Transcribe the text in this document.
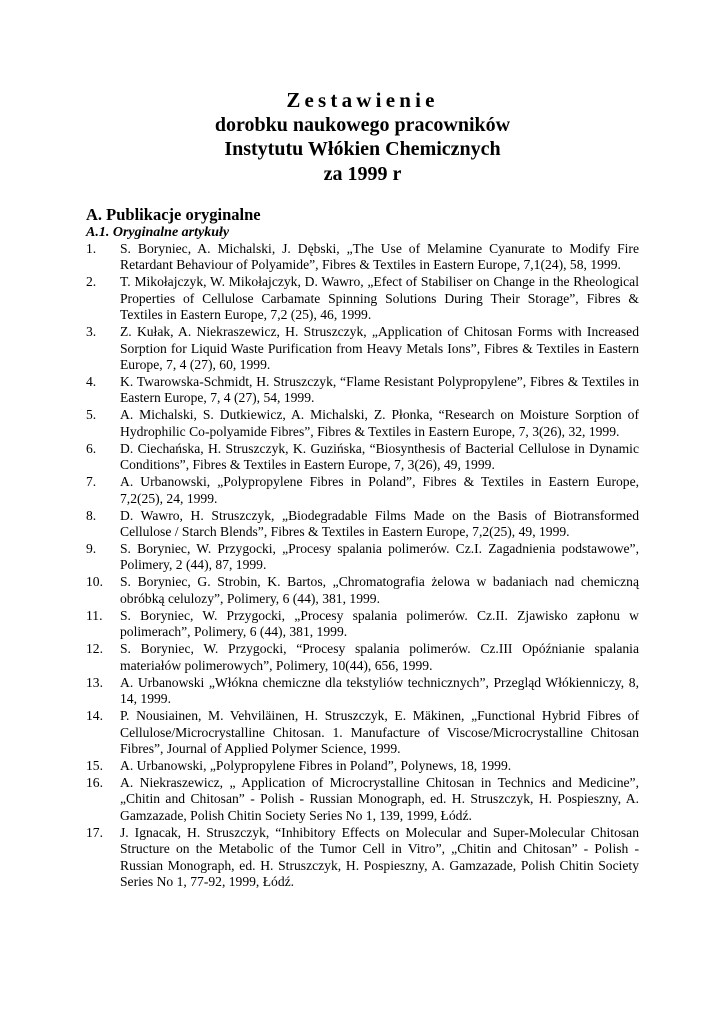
Zestawienie
dorobku naukowego pracowników
Instytutu Włókien Chemicznych
za 1999 r
A. Publikacje oryginalne
A.1. Oryginalne artykuły
1. S. Boryniec, A. Michalski, J. Dębski, „The Use of Melamine Cyanurate to Modify Fire Retardant Behaviour of Polyamide”, Fibres & Textiles in Eastern Europe, 7,1(24), 58, 1999.
2. T. Mikołajczyk, W. Mikołajczyk, D. Wawro, „Efect of Stabiliser on Change in the Rheological Properties of Cellulose Carbamate Spinning Solutions During Their Storage”, Fibres & Textiles in Eastern Europe, 7,2 (25), 46, 1999.
3. Z. Kułak, A. Niekraszewicz, H. Struszczyk, „Application of Chitosan Forms with Increased Sorption for Liquid Waste Purification from Heavy Metals Ions”, Fibres & Textiles in Eastern Europe, 7, 4 (27), 60, 1999.
4. K. Twarowska-Schmidt, H. Struszczyk, “Flame Resistant Polypropylene”, Fibres & Textiles in Eastern Europe, 7, 4 (27), 54, 1999.
5. A. Michalski, S. Dutkiewicz, A. Michalski, Z. Płonka, “Research on Moisture Sorption of Hydrophilic Co-polyamide Fibres”, Fibres & Textiles in Eastern Europe, 7, 3(26), 32, 1999.
6. D. Ciechańska, H. Struszczyk, K. Guzińska, “Biosynthesis of Bacterial Cellulose in Dynamic Conditions”, Fibres & Textiles in Eastern Europe, 7, 3(26), 49, 1999.
7. A. Urbanowski, „Polypropylene Fibres in Poland”, Fibres & Textiles in Eastern Europe, 7,2(25), 24, 1999.
8. D. Wawro, H. Struszczyk, „Biodegradable Films Made on the Basis of Biotransformed Cellulose / Starch Blends”, Fibres & Textiles in Eastern Europe, 7,2(25), 49, 1999.
9. S. Boryniec, W. Przygocki, „Procesy spalania polimerów. Cz.I. Zagadnienia podstawowe”, Polimery, 2 (44), 87, 1999.
10. S. Boryniec, G. Strobin, K. Bartos, „Chromatografia żelowa w badaniach nad chemiczną obróbką celulozy”, Polimery, 6 (44), 381, 1999.
11. S. Boryniec, W. Przygocki, „Procesy spalania polimerów. Cz.II. Zjawisko zapłonu w polimerach”, Polimery, 6 (44), 381, 1999.
12. S. Boryniec, W. Przygocki, “Procesy spalania polimerów. Cz.III Opóźnianie spalania materiałów polimerowych”, Polimery, 10(44), 656, 1999.
13. A. Urbanowski „Włókna chemiczne dla tekstyliów technicznych”, Przegląd Włókienniczy, 8, 14, 1999.
14. P. Nousiainen, M. Vehviläinen, H. Struszczyk, E. Mäkinen, „Functional Hybrid Fibres of Cellulose/Microcrystalline Chitosan. 1. Manufacture of Viscose/Microcrystalline Chitosan Fibres”, Journal of Applied Polymer Science, 1999.
15. A. Urbanowski, „Polypropylene Fibres in Poland”, Polynews, 18, 1999.
16. A. Niekraszewicz, „ Application of Microcrystalline Chitosan in Technics and Medicine”, „Chitin and Chitosan” - Polish - Russian Monograph, ed. H. Struszczyk, H. Pospieszny, A. Gamzazade, Polish Chitin Society Series No 1, 139, 1999, Łódź.
17. J. Ignacak, H. Struszczyk, “Inhibitory Effects on Molecular and Super-Molecular Chitosan Structure on the Metabolic of the Tumor Cell in Vitro”, „Chitin and Chitosan” - Polish - Russian Monograph, ed. H. Struszczyk, H. Pospieszny, A. Gamzazade, Polish Chitin Society Series No 1, 77-92, 1999, Łódź.
